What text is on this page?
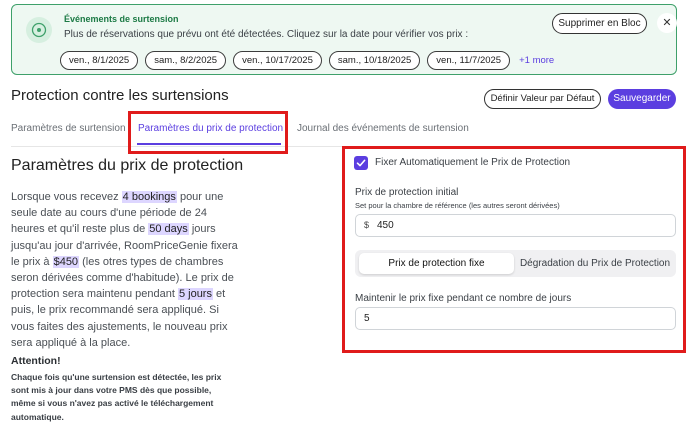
Événements de surtension
Plus de réservations que prévu ont été détectées. Cliquez sur la date pour vérifier vos prix :
ven., 8/1/2025	sam., 8/2/2025	ven., 10/17/2025	sam., 10/18/2025	ven., 11/7/2025	+1 more
Supprimer en Bloc	✕
Protection contre les surtensions	Définir Valeur par Défaut	Sauvegarder
Paramètres de surtension Paramètres du prix de protection Journal des événements de surtension
Paramètres du prix de protection
Lorsque vous recevez 4 bookings pour une seule date au cours d'une période de 24 heures et qu'il reste plus de 50 days jours jusqu'au jour d'arrivée, RoomPriceGenie fixera le prix à $450 (les otres types de chambres seron dérivées comme d'habitude). Le prix de protection sera maintenu pendant 5 jours et puis, le prix recommandé sera appliqué. Si vous faites des ajustements, le nouveau prix sera appliqué à la place.
Attention!
Chaque fois qu'une surtension est détectée, les prix sont mis à jour dans votre PMS dès que possible, même si vous n'avez pas activé le téléchargement automatique.
Fixer Automatiquement le Prix de Protection
Prix de protection initial
Set pour la chambre de référence (les autres seront dérivées)
$ 450
Prix de protection fixe	Dégradation du Prix de Protection
Maintenir le prix fixe pendant ce nombre de jours
5
